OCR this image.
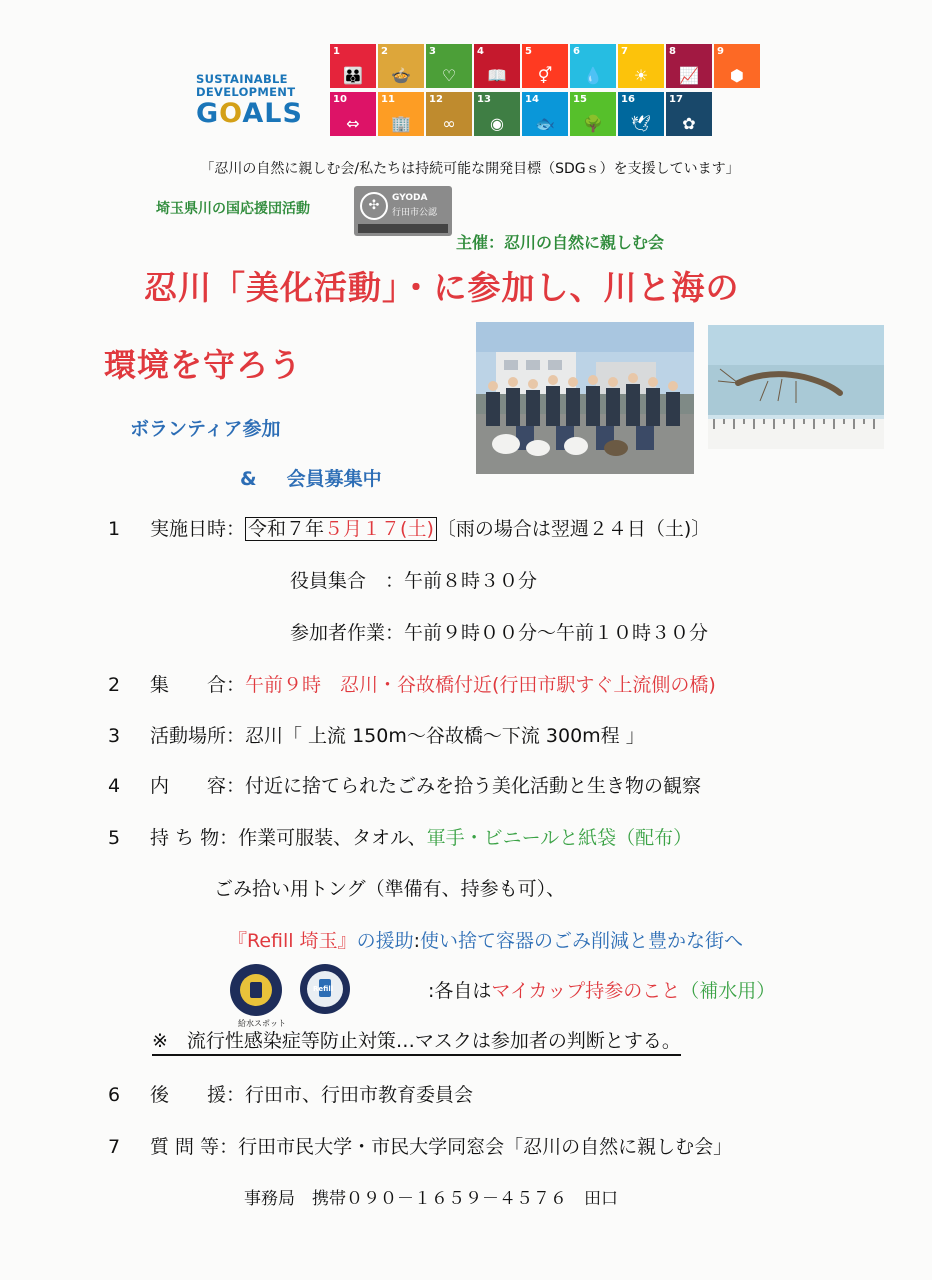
SUSTAINABLE
DEVELOPMENT
GOALS
1
👪
2
🍲
3
♡
4
📖
5
⚥
6
💧
7
☀
8
📈
9
⬢
10
⇔
11
🏢
12
∞
13
◉
14
🐟
15
🌳
16
🕊
17
✿
「忍川の自然に親しむ会/私たちは持続可能な開発目標（SDGｓ）を支援しています」
埼玉県川の国応援団活動	✣	GYODA
行田市公認
主催：忍川の自然に親しむ会
忍川「美化活動」・に参加し、川と海の
環境を守ろう
ボランティア参加
& 会員募集中
1 実施日時： 令和７年５月１７(土) 〔雨の場合は翌週２４日（土)〕
役員集合　：午前８時３０分
参加者作業：午前９時００分～午前１０時３０分
2 集　　合：午前９時　忍川・谷故橋付近(行田市駅すぐ上流側の橋)
3 活動場所：忍川「 上流 150m～谷故橋～下流 300m程 」
4 内　　容：付近に捨てられたごみを拾う美化活動と生き物の観察
5 持 ち 物：作業可服装、タオル、軍手・ビニールと紙袋（配布）
ごみ拾い用トング（準備有、持参も可）、
『Refill 埼玉』の援助:使い捨て容器のごみ削減と豊かな街へ
給水スポット
Refill	:各自はマイカップ持参のこと（補水用）
※　流行性感染症等防止対策…マスクは参加者の判断とする。
6 後　　援：行田市、行田市教育委員会
7 質 問 等：行田市民大学・市民大学同窓会「忍川の自然に親しむ会」
事務局　携帯０９０－１６５９－４５７６　田口
